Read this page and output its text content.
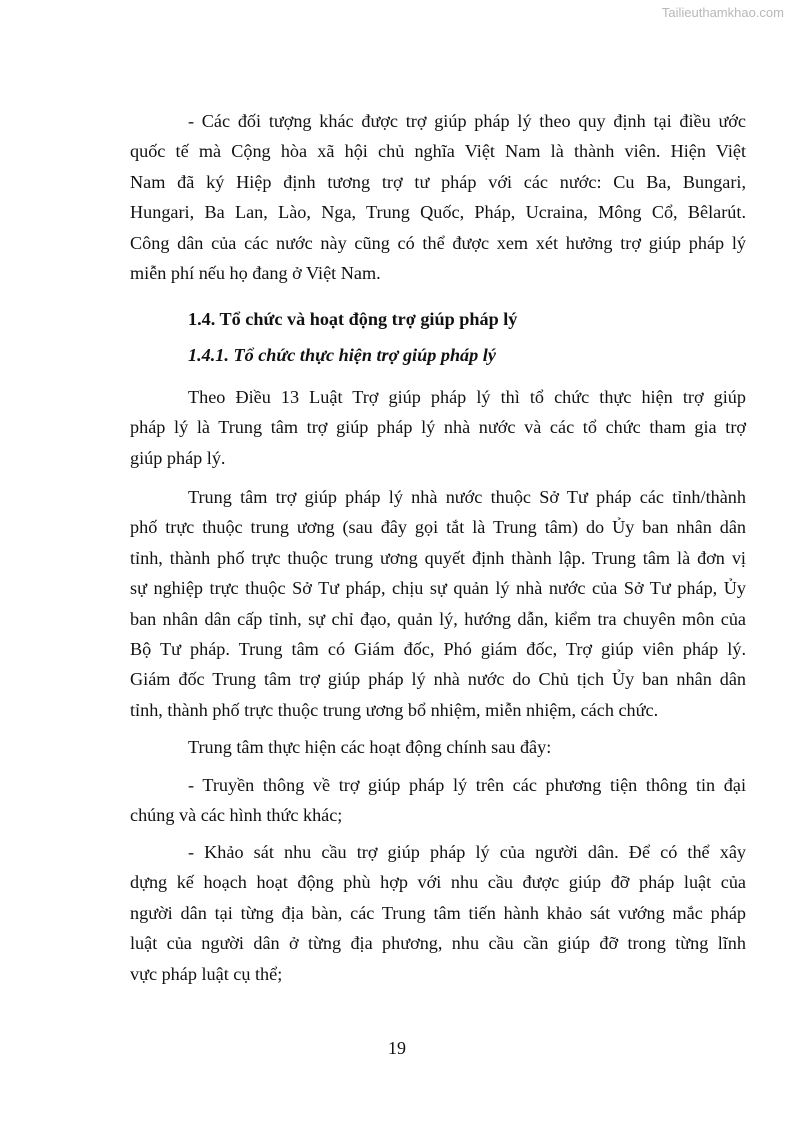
Tailieuthamkhao.com
- Các đối tượng khác được trợ giúp pháp lý theo quy định tại điều ước
quốc tế mà Cộng hòa xã hội chủ nghĩa Việt Nam là thành viên. Hiện Việt
Nam đã ký Hiệp định tương trợ tư pháp với các nước: Cu Ba, Bungari,
Hungari, Ba Lan, Lào, Nga, Trung Quốc, Pháp, Ucraina, Mông Cổ, Bêlarút.
Công dân của các nước này cũng có thể được xem xét hưởng trợ giúp pháp lý
miễn phí nếu họ đang ở Việt Nam.
1.4. Tổ chức và hoạt động trợ giúp pháp lý
1.4.1. Tổ chức thực hiện trợ giúp pháp lý
Theo Điều 13 Luật Trợ giúp pháp lý thì tổ chức thực hiện trợ giúp
pháp lý là Trung tâm trợ giúp pháp lý nhà nước và các tổ chức tham gia trợ
giúp pháp lý.
Trung tâm trợ giúp pháp lý nhà nước thuộc Sở Tư pháp các tỉnh/thành
phố trực thuộc trung ương (sau đây gọi tắt là Trung tâm) do Ủy ban nhân dân
tỉnh, thành phố trực thuộc trung ương quyết định thành lập. Trung tâm là đơn vị
sự nghiệp trực thuộc Sở Tư pháp, chịu sự quản lý nhà nước của Sở Tư pháp, Ủy
ban nhân dân cấp tỉnh, sự chỉ đạo, quản lý, hướng dẫn, kiểm tra chuyên môn của
Bộ Tư pháp. Trung tâm có Giám đốc, Phó giám đốc, Trợ giúp viên pháp lý.
Giám đốc Trung tâm trợ giúp pháp lý nhà nước do Chủ tịch Ủy ban nhân dân
tỉnh, thành phố trực thuộc trung ương bổ nhiệm, miễn nhiệm, cách chức.
Trung tâm thực hiện các hoạt động chính sau đây:
- Truyền thông về trợ giúp pháp lý trên các phương tiện thông tin đại
chúng và các hình thức khác;
- Khảo sát nhu cầu trợ giúp pháp lý của người dân. Để có thể xây
dựng kế hoạch hoạt động phù hợp với nhu cầu được giúp đỡ pháp luật của
người dân tại từng địa bàn, các Trung tâm tiến hành khảo sát vướng mắc pháp
luật của người dân ở từng địa phương, nhu cầu cần giúp đỡ trong từng lĩnh
vực pháp luật cụ thể;
19
